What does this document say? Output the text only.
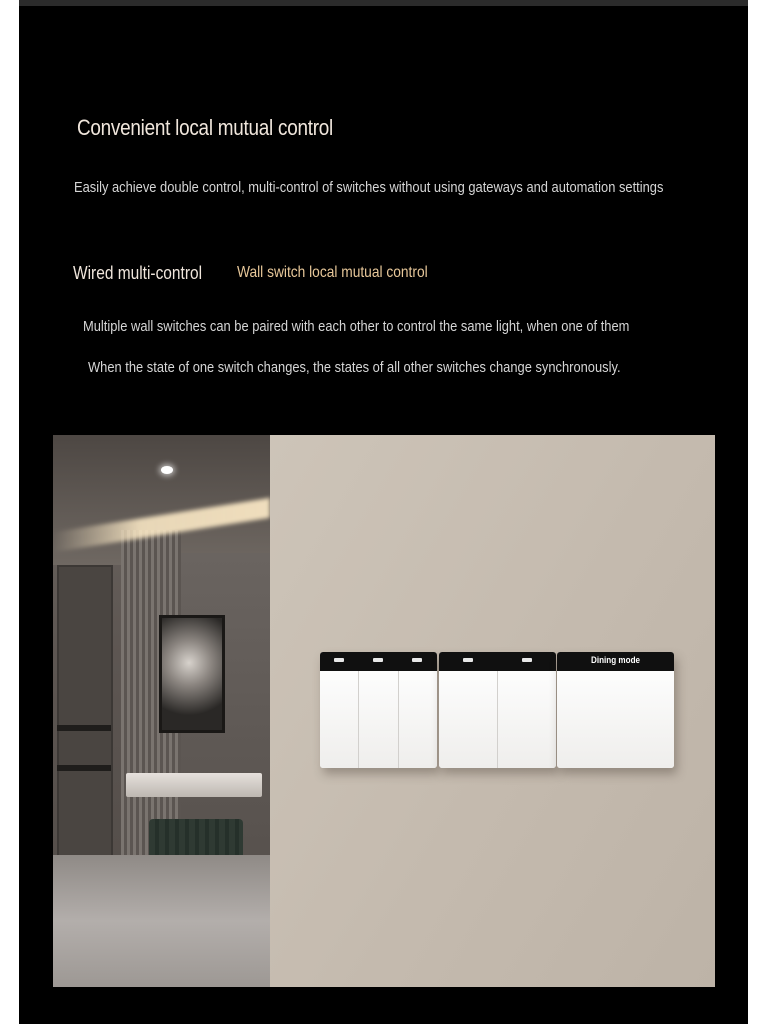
Convenient local mutual control

Easily achieve double control, multi-control of switches without using gateways and automation settings

Wired multi-control Wall switch local mutual control

Multiple wall switches can be paired with each other to control the same light, when one of them

When the state of one switch changes, the states of all other switches change synchronously.

Dining mode
